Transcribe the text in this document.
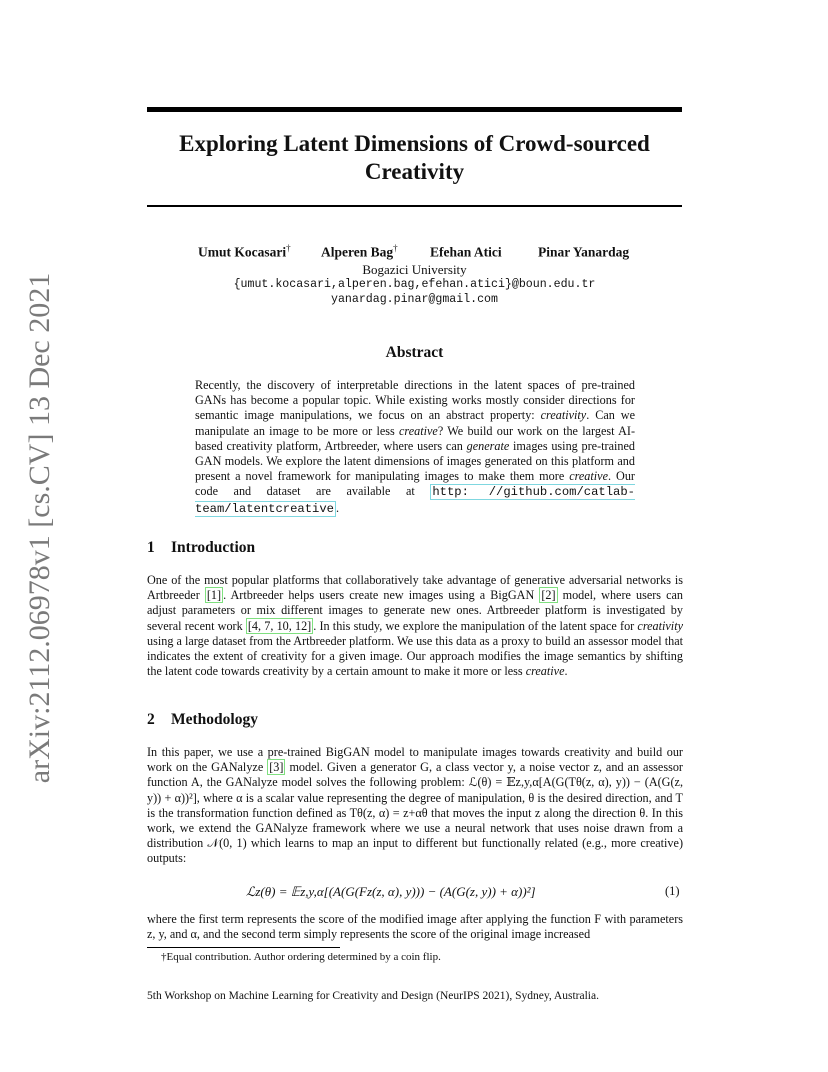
arXiv:2112.06978v1 [cs.CV] 13 Dec 2021
Exploring Latent Dimensions of Crowd-sourced Creativity
Umut Kocasari† Alperen Bag† Efehan Atici	Pinar Yanardag
Bogazici University
{umut.kocasari,alperen.bag,efehan.atici}@boun.edu.tr
yanardag.pinar@gmail.com
Abstract
Recently, the discovery of interpretable directions in the latent spaces of pre-trained GANs has become a popular topic. While existing works mostly consider directions for semantic image manipulations, we focus on an abstract property: creativity. Can we manipulate an image to be more or less creative? We build our work on the largest AI-based creativity platform, Artbreeder, where users can generate images using pre-trained GAN models. We explore the latent dimensions of images generated on this platform and present a novel framework for manipulating images to make them more creative. Our code and dataset are available at http: //github.com/catlab-team/latentcreative .
1 Introduction
One of the most popular platforms that collaboratively take advantage of generative adversarial networks is Artbreeder [1] . Artbreeder helps users create new images using a BigGAN [2] model, where users can adjust parameters or mix different images to generate new ones. Artbreeder platform is investigated by several recent work [4, 7, 10, 12] . In this study, we explore the manipulation of the latent space for creativity using a large dataset from the Artbreeder platform. We use this data as a proxy to build an assessor model that indicates the extent of creativity for a given image. Our approach modifies the image semantics by shifting the latent code towards creativity by a certain amount to make it more or less creative.
2 Methodology
In this paper, we use a pre-trained BigGAN model to manipulate images towards creativity and build our work on the GANalyze [3] model. Given a generator G, a class vector y, a noise vector z, and an assessor function A, the GANalyze model solves the following problem: ℒ(θ) = 𝔼z,y,α[A(G(Tθ(z, α), y)) − (A(G(z, y)) + α))²], where α is a scalar value representing the degree of manipulation, θ is the desired direction, and T is the transformation function defined as Tθ(z, α) = z+αθ that moves the input z along the direction θ. In this work, we extend the GANalyze framework where we use a neural network that uses noise drawn from a distribution 𝒩(0, 1) which learns to map an input to different but functionally related (e.g., more creative) outputs:
ℒz(θ) = 𝔼z,y,α[(A(G(Fz(z, α), y))) − (A(G(z, y)) + α))²]	(1)
where the first term represents the score of the modified image after applying the function F with parameters z, y, and α, and the second term simply represents the score of the original image increased
†Equal contribution. Author ordering determined by a coin flip.
5th Workshop on Machine Learning for Creativity and Design (NeurIPS 2021), Sydney, Australia.
